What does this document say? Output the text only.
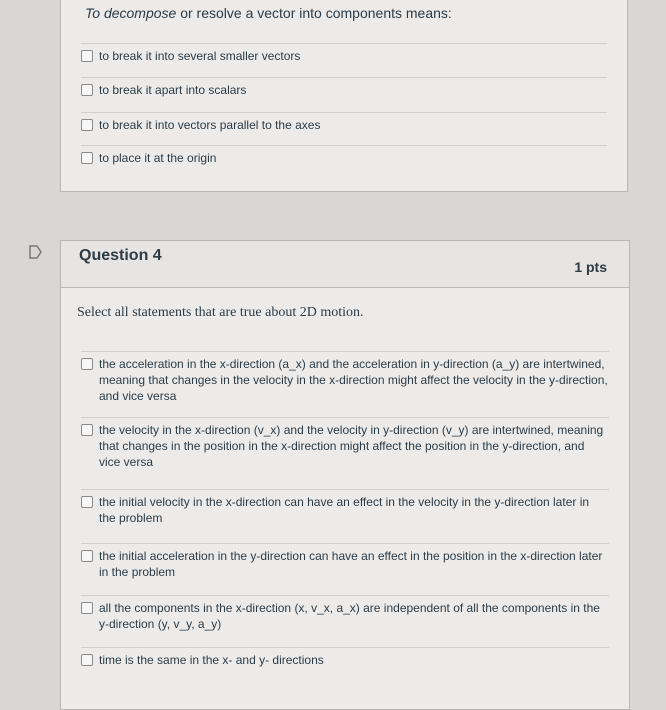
To decompose or resolve a vector into components means:
to break it into several smaller vectors
to break it apart into scalars
to break it into vectors parallel to the axes
to place it at the origin
Question 4
1 pts
Select all statements that are true about 2D motion.
the acceleration in the x-direction (a_x) and the acceleration in y-direction (a_y) are intertwined, meaning that changes in the velocity in the x-direction might affect the velocity in the y-direction, and vice versa
the velocity in the x-direction (v_x) and the velocity in y-direction (v_y) are intertwined, meaning that changes in the position in the x-direction might affect the position in the y-direction, and vice versa
the initial velocity in the x-direction can have an effect in the velocity in the y-direction later in the problem
the initial acceleration in the y-direction can have an effect in the position in the x-direction later in the problem
all the components in the x-direction (x, v_x, a_x) are independent of all the components in the y-direction (y, v_y, a_y)
time is the same in the x- and y- directions
